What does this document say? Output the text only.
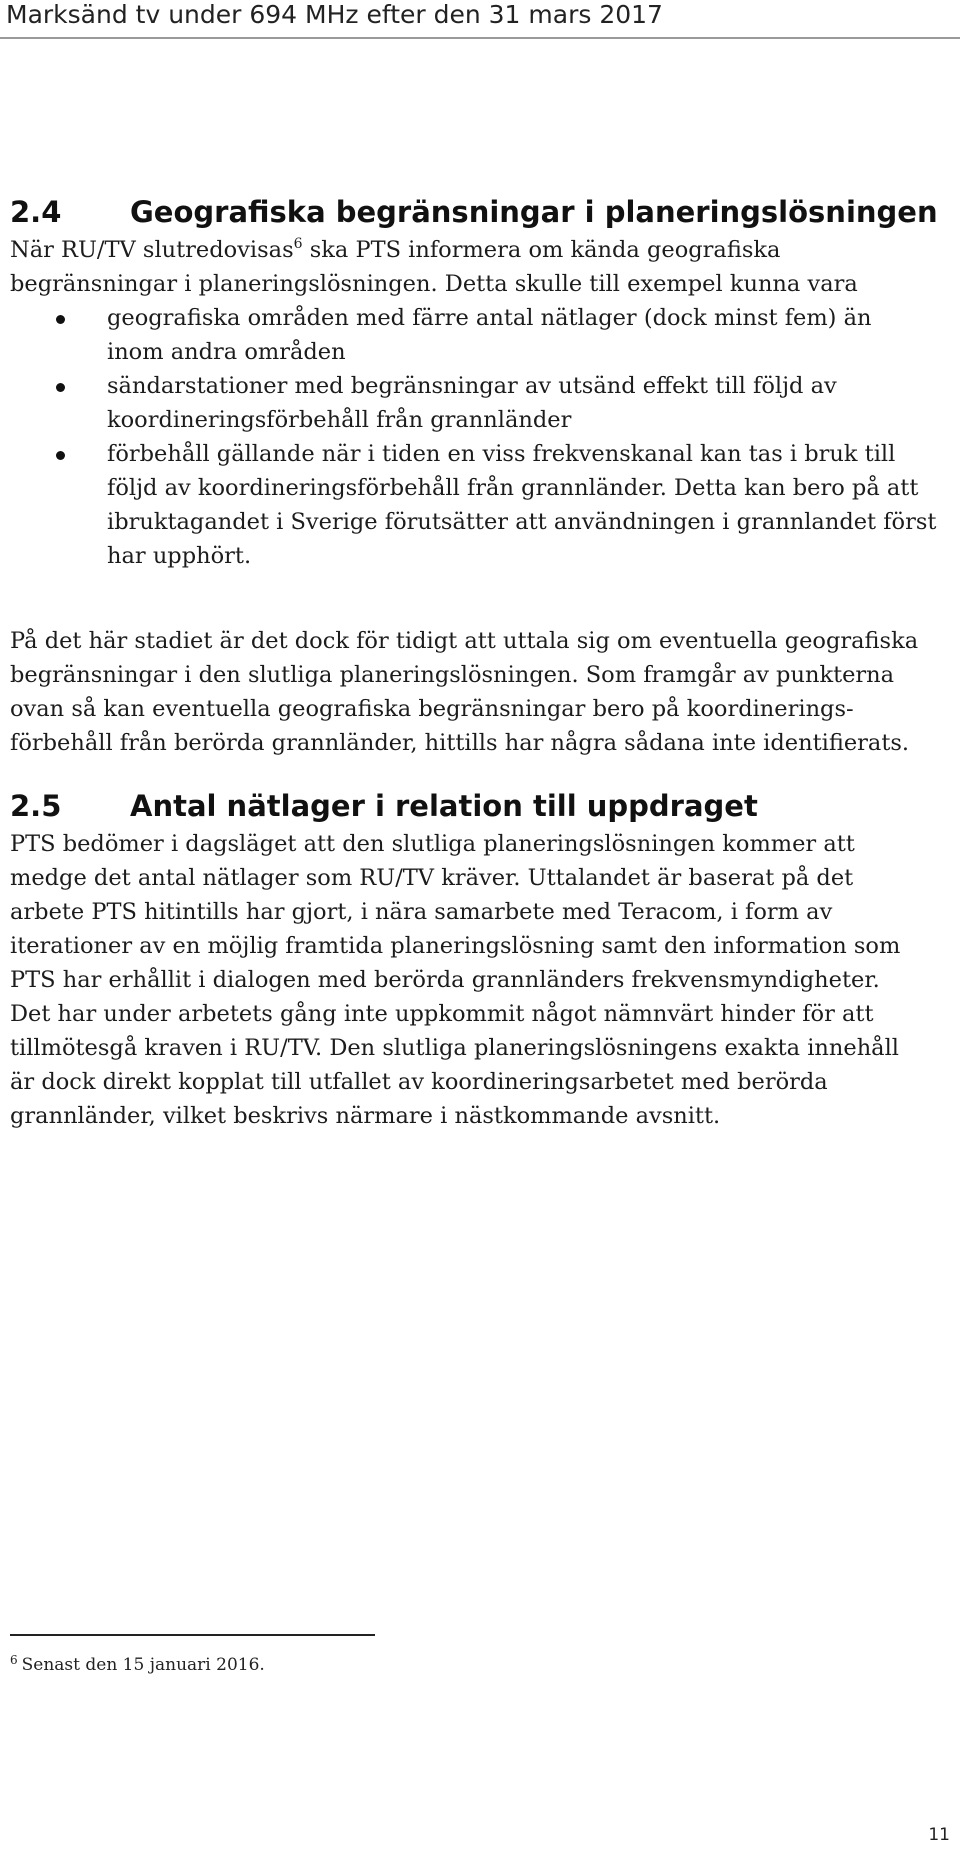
Marksänd tv under 694 MHz efter den 31 mars 2017
2.4 Geografiska begränsningar i planeringslösningen
När RU/TV slutredovisas$^6$ ska PTS informera om kända geografiska
begränsningar i planeringslösningen. Detta skulle till exempel kunna vara
geografiska områden med färre antal nätlager (dock minst fem) än
inom andra områden
sändarstationer med begränsningar av utsänd effekt till följd av
koordineringsförbehåll från grannländer
förbehåll gällande när i tiden en viss frekvenskanal kan tas i bruk till
följd av koordineringsförbehåll från grannländer. Detta kan bero på att
ibruktagandet i Sverige förutsätter att användningen i grannlandet först
har upphört.
På det här stadiet är det dock för tidigt att uttala sig om eventuella geografiska
begränsningar i den slutliga planeringslösningen. Som framgår av punkterna
ovan så kan eventuella geografiska begränsningar bero på koordinerings-
förbehåll från berörda grannländer, hittills har några sådana inte identifierats.
2.5 Antal nätlager i relation till uppdraget
PTS bedömer i dagsläget att den slutliga planeringslösningen kommer att
medge det antal nätlager som RU/TV kräver. Uttalandet är baserat på det
arbete PTS hitintills har gjort, i nära samarbete med Teracom, i form av
iterationer av en möjlig framtida planeringslösning samt den information som
PTS har erhållit i dialogen med berörda grannländers frekvensmyndigheter.
Det har under arbetets gång inte uppkommit något nämnvärt hinder för att
tillmötesgå kraven i RU/TV. Den slutliga planeringslösningens exakta innehåll
är dock direkt kopplat till utfallet av koordineringsarbetet med berörda
grannländer, vilket beskrivs närmare i nästkommande avsnitt.
$^6$ Senast den 15 januari 2016.
11
